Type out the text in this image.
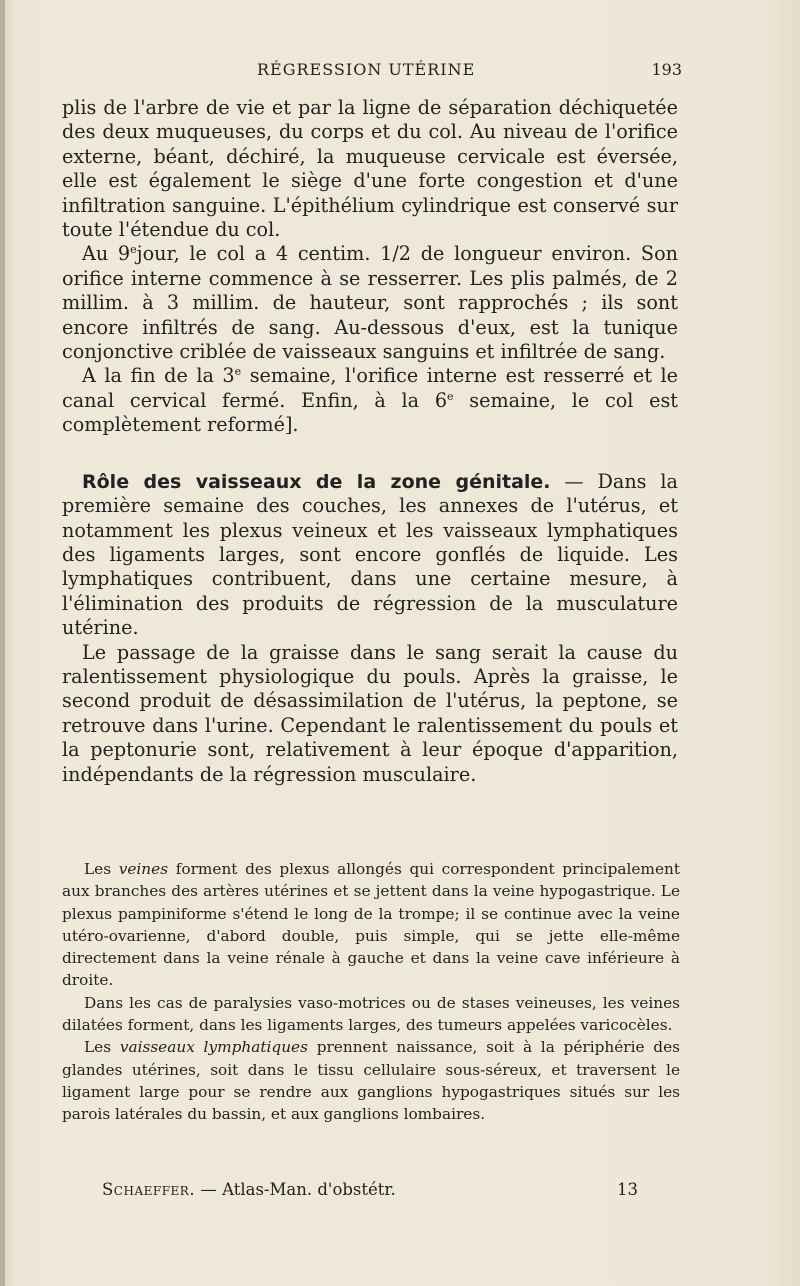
RÉGRESSION UTÉRINE	193

plis de l'arbre de vie et par la ligne de séparation déchiquetée des deux muqueuses, du corps et du col. Au niveau de l'orifice externe, béant, déchiré, la muqueuse cervicale est éversée, elle est également le siège d'une forte congestion et d'une infiltration sanguine. L'épithélium cylindrique est conservé sur toute l'étendue du col.

Au 9ejour, le col a 4 centim. 1/2 de longueur environ. Son orifice interne commence à se resserrer. Les plis palmés, de 2 millim. à 3 millim. de hauteur, sont rapprochés ; ils sont encore infiltrés de sang. Au-dessous d'eux, est la tunique conjonctive criblée de vaisseaux sanguins et infiltrée de sang.

A la fin de la 3e semaine, l'orifice interne est resserré et le canal cervical fermé. Enfin, à la 6e semaine, le col est complètement reformé].

Rôle des vaisseaux de la zone génitale. — Dans la première semaine des couches, les annexes de l'utérus, et notamment les plexus veineux et les vaisseaux lymphatiques des ligaments larges, sont encore gonflés de liquide. Les lymphatiques contribuent, dans une certaine mesure, à l'élimination des produits de régression de la musculature utérine.

Le passage de la graisse dans le sang serait la cause du ralentissement physiologique du pouls. Après la graisse, le second produit de désassimilation de l'utérus, la peptone, se retrouve dans l'urine. Cependant le ralentissement du pouls et la peptonurie sont, relativement à leur époque d'apparition, indépendants de la régression musculaire.

Les veines forment des plexus allongés qui correspondent principalement aux branches des artères utérines et se jettent dans la veine hypogastrique. Le plexus pampiniforme s'étend le long de la trompe; il se continue avec la veine utéro-ovarienne, d'abord double, puis simple, qui se jette elle-même directement dans la veine rénale à gauche et dans la veine cave inférieure à droite.

Dans les cas de paralysies vaso-motrices ou de stases veineuses, les veines dilatées forment, dans les ligaments larges, des tumeurs appelées varicocèles.

Les vaisseaux lymphatiques prennent naissance, soit à la périphérie des glandes utérines, soit dans le tissu cellulaire sous-séreux, et traversent le ligament large pour se rendre aux ganglions hypogastriques situés sur les parois latérales du bassin, et aux ganglions lombaires.

Schaeffer. — Atlas-Man. d'obstétr.	13
